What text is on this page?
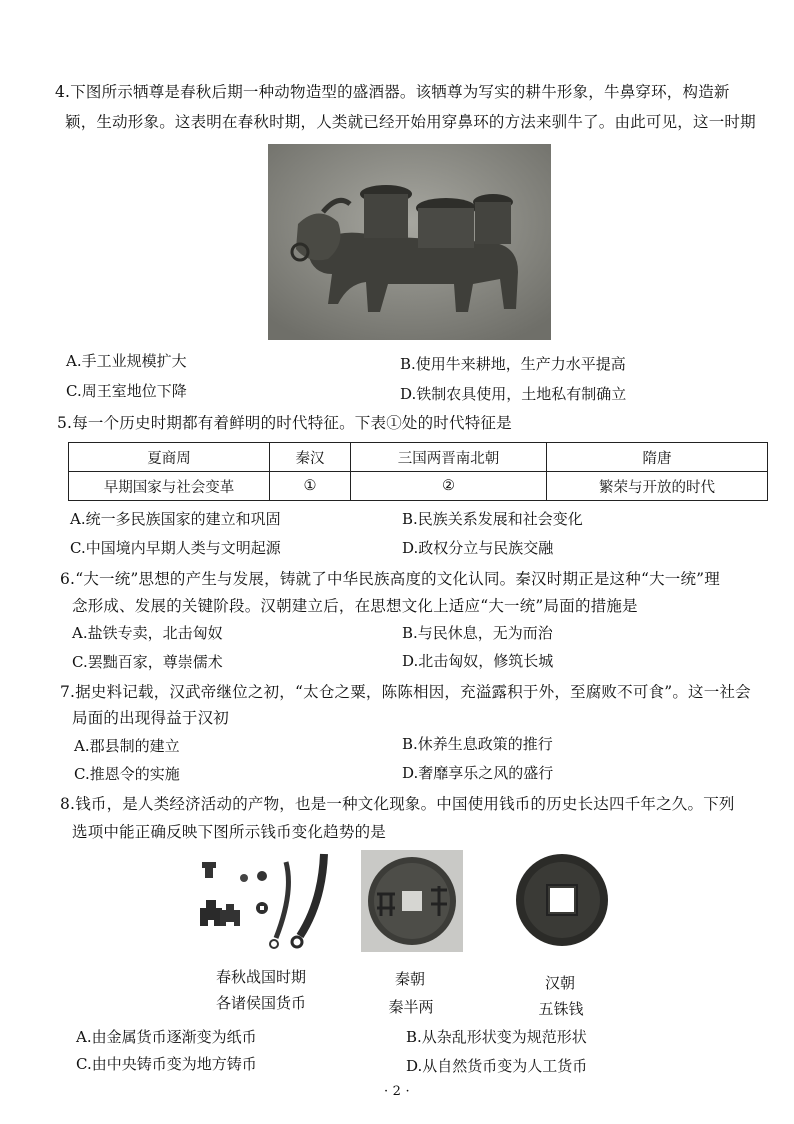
4.下图所示牺尊是春秋后期一种动物造型的盛酒器。该牺尊为写实的耕牛形象，牛鼻穿环，构造新
颖，生动形象。这表明在春秋时期，人类就已经开始用穿鼻环的方法来驯牛了。由此可见，这一时期
A.手工业规模扩大	B.使用牛来耕地，生产力水平提高
C.周王室地位下降	D.铁制农具使用，土地私有制确立
5.每一个历史时期都有着鲜明的时代特征。下表①处的时代特征是
夏商周	秦汉	三国两晋南北朝	隋唐
早期国家与社会变革	①	②	繁荣与开放的时代
A.统一多民族国家的建立和巩固	B.民族关系发展和社会变化
C.中国境内早期人类与文明起源	D.政权分立与民族交融
6.“大一统”思想的产生与发展，铸就了中华民族高度的文化认同。秦汉时期正是这种“大一统”理
念形成、发展的关键阶段。汉朝建立后，在思想文化上适应“大一统”局面的措施是
A.盐铁专卖，北击匈奴	B.与民休息，无为而治
C.罢黜百家，尊崇儒术	D.北击匈奴，修筑长城
7.据史料记载，汉武帝继位之初，“太仓之粟，陈陈相因，充溢露积于外，至腐败不可食”。这一社会
局面的出现得益于汉初
A.郡县制的建立	B.休养生息政策的推行
C.推恩令的实施	D.奢靡享乐之风的盛行
8.钱币，是人类经济活动的产物，也是一种文化现象。中国使用钱币的历史长达四千年之久。下列
选项中能正确反映下图所示钱币变化趋势的是
春秋战国时期
各诸侯国货币
秦朝
秦半两
汉朝
五铢钱
A.由金属货币逐渐变为纸币	B.从杂乱形状变为规范形状
C.由中央铸币变为地方铸币	D.从自然货币变为人工货币
· 2 ·
